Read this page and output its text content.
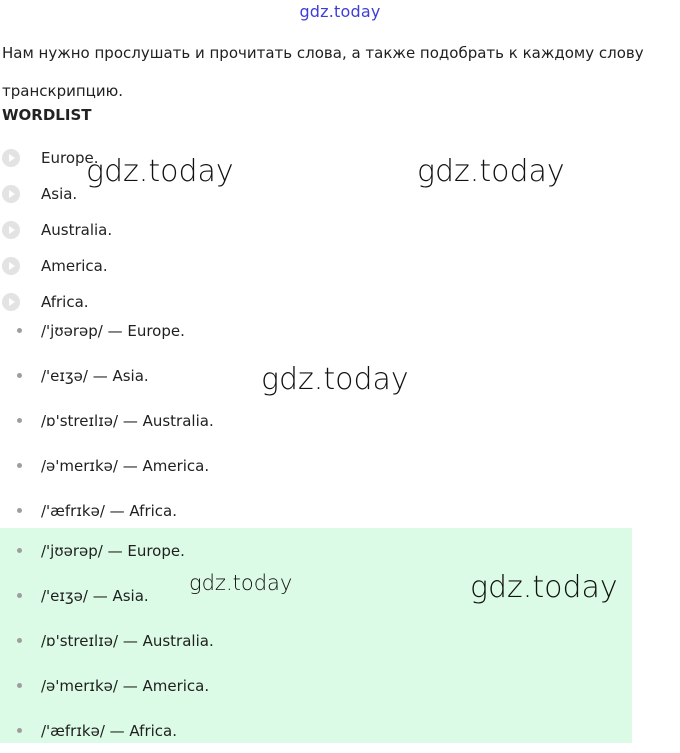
gdz.today
Нам нужно прослушать и прочитать слова, а также подобрать к каждому слову транскрипцию.
WORDLIST
Europe.
Asia.
Australia.
America.
Africa.
/'jʊərəp/ — Europe.
/'eɪʒə/ — Asia.
/ɒ'streɪlɪə/ — Australia.
/ə'merɪkə/ — America.
/'æfrɪkə/ — Africa.
/'jʊərəp/ — Europe.
/'eɪʒə/ — Asia.
/ɒ'streɪlɪə/ — Australia.
/ə'merɪkə/ — America.
/'æfrɪkə/ — Africa.
gdz.today	gdz.today
gdz.today
gdz.today	gdz.today
